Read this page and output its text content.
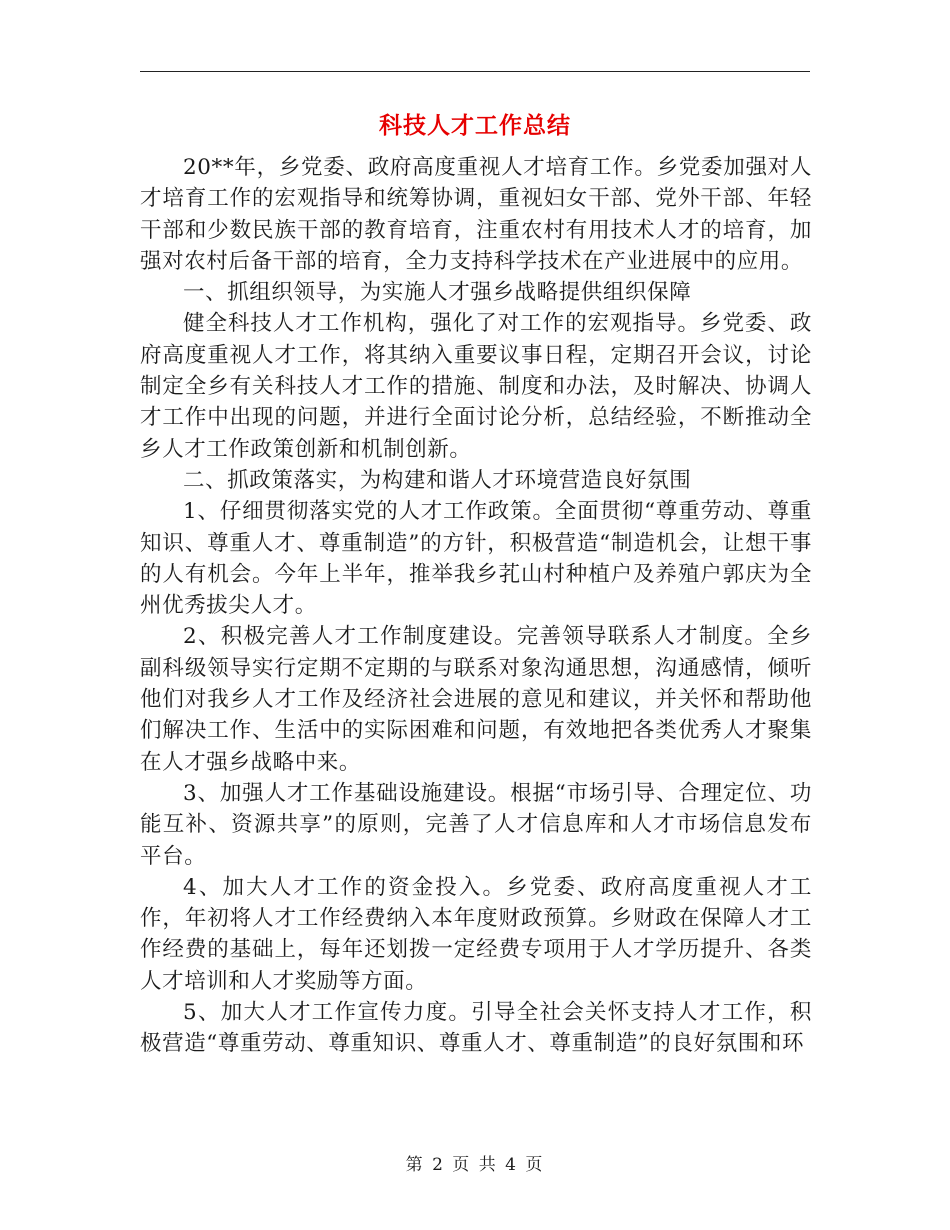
科技人才工作总结

20**年，乡党委、政府高度重视人才培育工作。乡党委加强对人才培育工作的宏观指导和统筹协调，重视妇女干部、党外干部、年轻干部和少数民族干部的教育培育，注重农村有用技术人才的培育，加强对农村后备干部的培育，全力支持科学技术在产业进展中的应用。

一、抓组织领导，为实施人才强乡战略提供组织保障

健全科技人才工作机构，强化了对工作的宏观指导。乡党委、政府高度重视人才工作，将其纳入重要议事日程，定期召开会议，讨论制定全乡有关科技人才工作的措施、制度和办法，及时解决、协调人才工作中出现的问题，并进行全面讨论分析，总结经验，不断推动全乡人才工作政策创新和机制创新。

二、抓政策落实，为构建和谐人才环境营造良好氛围

1、仔细贯彻落实党的人才工作政策。全面贯彻“尊重劳动、尊重知识、尊重人才、尊重制造”的方针，积极营造“制造机会，让想干事的人有机会。今年上半年，推举我乡芤山村种植户及养殖户郭庆为全州优秀拔尖人才。

2、积极完善人才工作制度建设。完善领导联系人才制度。全乡副科级领导实行定期不定期的与联系对象沟通思想，沟通感情，倾听他们对我乡人才工作及经济社会进展的意见和建议，并关怀和帮助他们解决工作、生活中的实际困难和问题，有效地把各类优秀人才聚集在人才强乡战略中来。

3、加强人才工作基础设施建设。根据“市场引导、合理定位、功能互补、资源共享”的原则，完善了人才信息库和人才市场信息发布平台。

4、加大人才工作的资金投入。乡党委、政府高度重视人才工作，年初将人才工作经费纳入本年度财政预算。乡财政在保障人才工作经费的基础上，每年还划拨一定经费专项用于人才学历提升、各类人才培训和人才奖励等方面。

5、加大人才工作宣传力度。引导全社会关怀支持人才工作，积极营造“尊重劳动、尊重知识、尊重人才、尊重制造”的良好氛围和环

第 2 页 共 4 页
